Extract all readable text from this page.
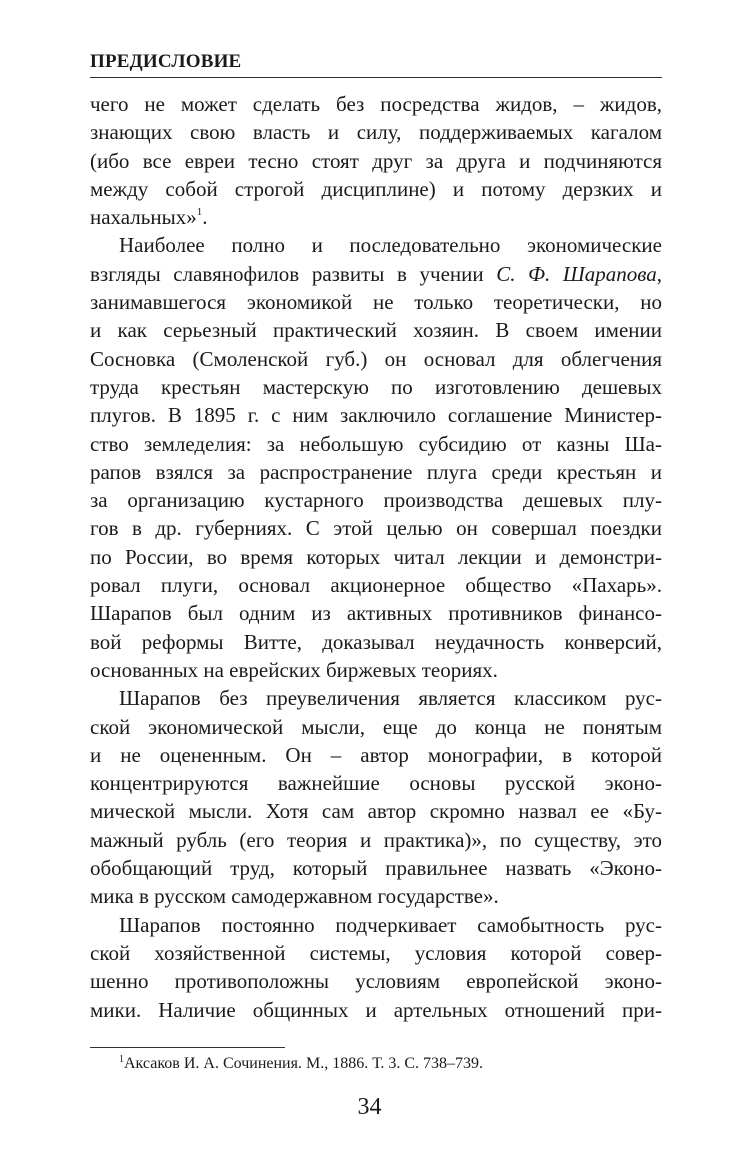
ПРЕДИСЛОВИЕ
чего не может сделать без посредства жидов, – жидов,
знающих свою власть и силу, поддерживаемых кагалом
(ибо все евреи тесно стоят друг за друга и подчиняются
между собой строгой дисциплине) и потому дерзких и
нахальных»$^1$.
Наиболее полно и последовательно экономические
взгляды славянофилов развиты в учении С. Ф. Шарапова,
занимавшегося экономикой не только теоретически, но
и как серьезный практический хозяин. В своем имении
Сосновка (Смоленской губ.) он основал для облегчения
труда крестьян мастерскую по изготовлению дешевых
плугов. В 1895 г. с ним заключило соглашение Министер-
ство земледелия: за небольшую субсидию от казны Ша-
рапов взялся за распространение плуга среди крестьян и
за организацию кустарного производства дешевых плу-
гов в др. губерниях. С этой целью он совершал поездки
по России, во время которых читал лекции и демонстри-
ровал плуги, основал акционерное общество «Пахарь».
Шарапов был одним из активных противников финансо-
вой реформы Витте, доказывал неудачность конверсий,
основанных на еврейских биржевых теориях.
Шарапов без преувеличения является классиком рус-
ской экономической мысли, еще до конца не понятым
и не оцененным. Он – автор монографии, в которой
концентрируются важнейшие основы русской эконо-
мической мысли. Хотя сам автор скромно назвал ее «Бу-
мажный рубль (его теория и практика)», по существу, это
обобщающий труд, который правильнее назвать «Эконо-
мика в русском самодержавном государстве».
Шарапов постоянно подчеркивает самобытность рус-
ской хозяйственной системы, условия которой совер-
шенно противоположны условиям европейской эконо-
мики. Наличие общинных и артельных отношений при-
$^1$Аксаков И. А. Сочинения. М., 1886. Т. 3. С. 738–739.
34
